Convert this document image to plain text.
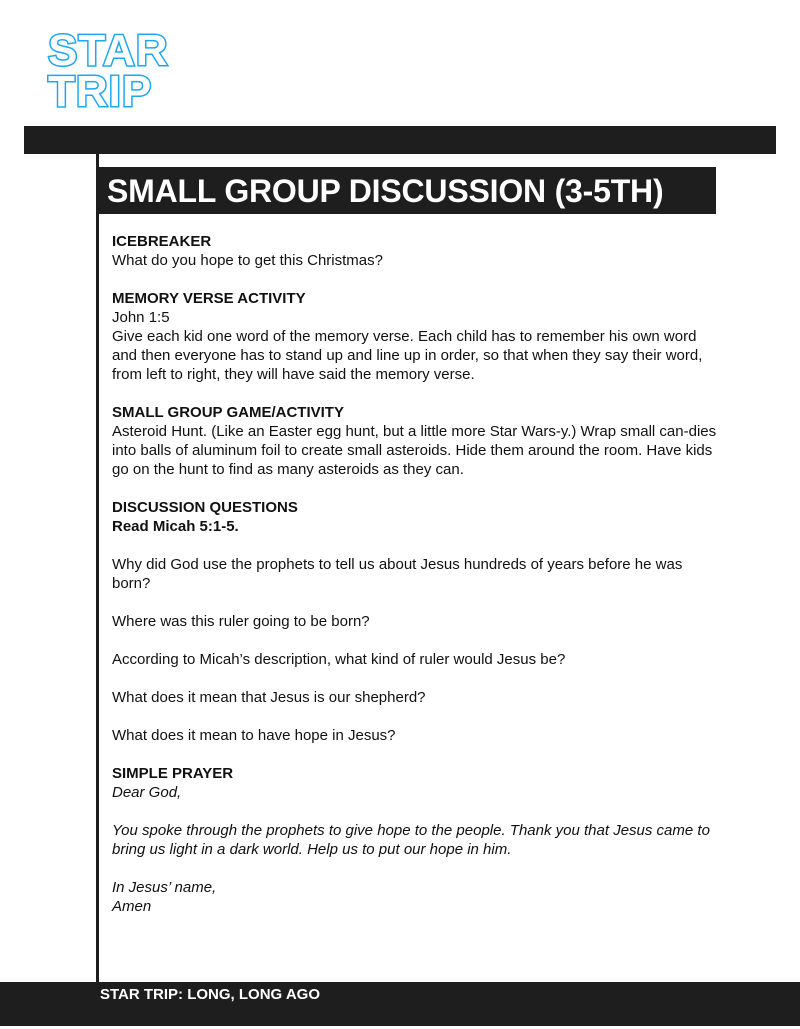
STAR
TRIP
SMALL GROUP DISCUSSION (3-5TH)

ICEBREAKER

What do you hope to get this Christmas?

MEMORY VERSE ACTIVITY

John 1:5

Give each kid one word of the memory verse. Each child has to remember his own word and then everyone has to stand up and line up in order, so that when they say their word, from left to right, they will have said the memory verse.

SMALL GROUP GAME/ACTIVITY

Asteroid Hunt. (Like an Easter egg hunt, but a little more Star Wars-y.) Wrap small can-dies into balls of aluminum foil to create small asteroids. Hide them around the room. Have kids go on the hunt to find as many asteroids as they can.

DISCUSSION QUESTIONS

Read Micah 5:1-5.

Why did God use the prophets to tell us about Jesus hundreds of years before he was born?

Where was this ruler going to be born?

According to Micah’s description, what kind of ruler would Jesus be?

What does it mean that Jesus is our shepherd?

What does it mean to have hope in Jesus?

SIMPLE PRAYER

Dear God,

You spoke through the prophets to give hope to the people. Thank you that Jesus came to bring us light in a dark world. Help us to put our hope in him.

In Jesus’ name,

Amen

STAR TRIP: LONG, LONG AGO
